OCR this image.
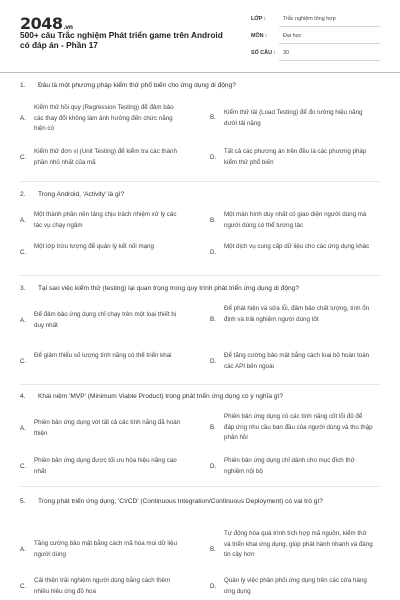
2048.vn
500+ câu Trắc nghiệm Phát triển game trên Android có đáp án - Phần 17
LỚP :	Trắc nghiệm tổng hợp
MÔN :	Đại học
SỐ CÂU : 30
1. Đâu là một phương pháp kiểm thử phổ biến cho ứng dụng di động?
A.
Kiểm thử hồi quy (Regression Testing) để đảm bảo các thay đổi không làm ảnh hưởng đến chức năng hiện có
B.
Kiểm thử tải (Load Testing) để đo lường hiệu năng dưới tải nặng
C.
Kiểm thử đơn vị (Unit Testing) để kiểm tra các thành phần nhỏ nhất của mã
D.
Tất cả các phương án trên đều là các phương pháp kiểm thử phổ biến
2. Trong Android, 'Activity' là gì?
A.
Một thành phần nền tảng chịu trách nhiệm xử lý các tác vụ chạy ngầm
B.
Một màn hình duy nhất có giao diện người dùng mà người dùng có thể tương tác
C.
Một lớp trừu tượng để quản lý kết nối mạng
D.
Một dịch vụ cung cấp dữ liệu cho các ứng dụng khác
3. Tại sao việc kiểm thử (testing) lại quan trọng trong quy trình phát triển ứng dụng di động?
A.
Để đảm bảo ứng dụng chỉ chạy trên một loại thiết bị duy nhất
B.
Để phát hiện và sửa lỗi, đảm bảo chất lượng, tính ổn định và trải nghiệm người dùng tốt
C.
Để giảm thiểu số lượng tính năng có thể triển khai
D.
Để tăng cường bảo mật bằng cách loại bỏ hoàn toàn các API bên ngoài
4. Khái niệm 'MVP' (Minimum Viable Product) trong phát triển ứng dụng có ý nghĩa gì?
A.
Phiên bản ứng dụng với tất cả các tính năng đã hoàn thiện
B.
Phiên bản ứng dụng có các tính năng cốt lõi đủ để đáp ứng nhu cầu ban đầu của người dùng và thu thập phản hồi
C.
Phiên bản ứng dụng được tối ưu hóa hiệu năng cao nhất
D.
Phiên bản ứng dụng chỉ dành cho mục đích thử nghiệm nội bộ
5. Trong phát triển ứng dụng, 'CI/CD' (Continuous Integration/Continuous Deployment) có vai trò gì?
A.
Tăng cường bảo mật bằng cách mã hóa mọi dữ liệu người dùng
B.
Tự động hóa quá trình tích hợp mã nguồn, kiểm thử và triển khai ứng dụng, giúp phát hành nhanh và đáng tin cậy hơn
C.
Cải thiện trải nghiệm người dùng bằng cách thêm nhiều hiệu ứng đồ họa
D.
Quản lý việc phân phối ứng dụng trên các cửa hàng ứng dụng
